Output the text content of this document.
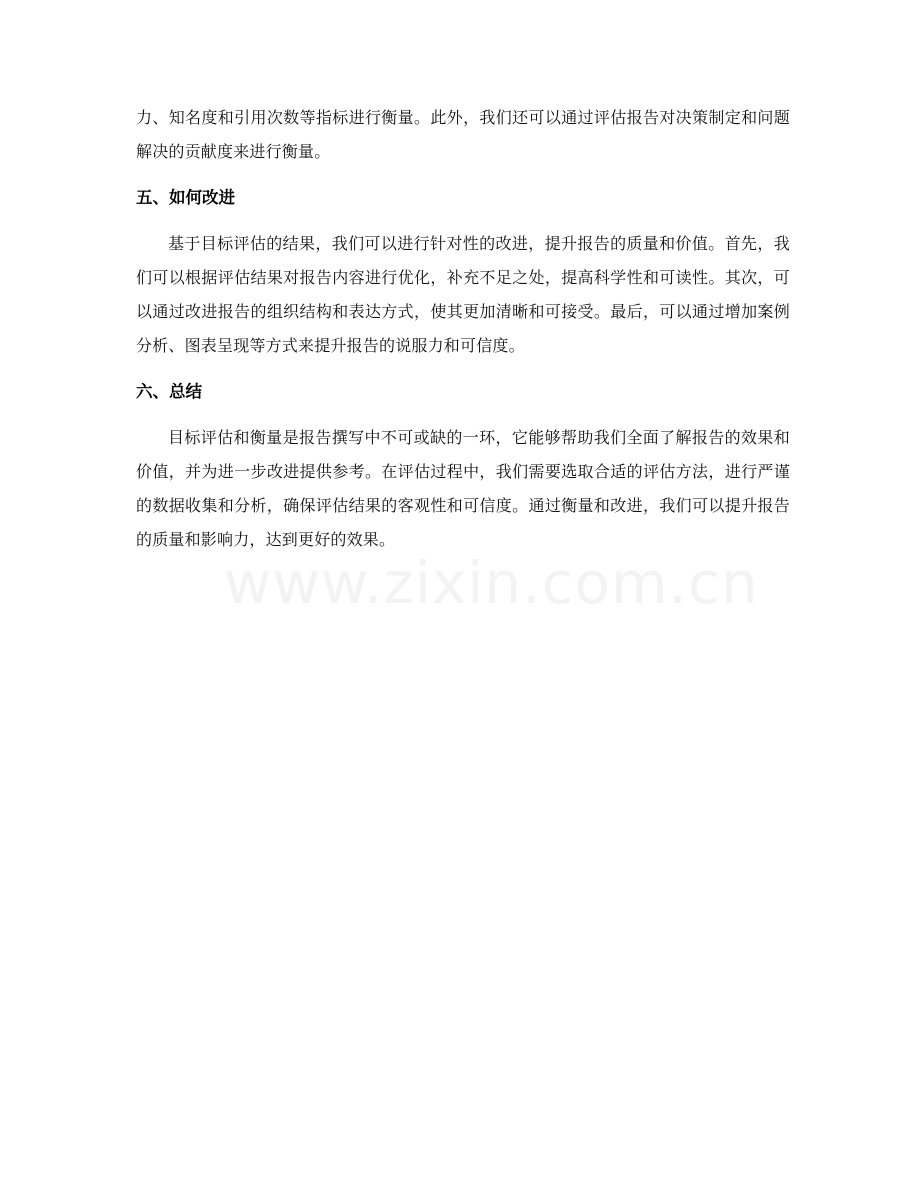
力、知名度和引用次数等指标进行衡量。此外，我们还可以通过评估报告对决策制定和问题解决的贡献度来进行衡量。

五、如何改进

基于目标评估的结果，我们可以进行针对性的改进，提升报告的质量和价值。首先，我们可以根据评估结果对报告内容进行优化，补充不足之处，提高科学性和可读性。其次，可以通过改进报告的组织结构和表达方式，使其更加清晰和可接受。最后，可以通过增加案例分析、图表呈现等方式来提升报告的说服力和可信度。

六、总结

目标评估和衡量是报告撰写中不可或缺的一环，它能够帮助我们全面了解报告的效果和价值，并为进一步改进提供参考。在评估过程中，我们需要选取合适的评估方法，进行严谨的数据收集和分析，确保评估结果的客观性和可信度。通过衡量和改进，我们可以提升报告的质量和影响力，达到更好的效果。

www.zixin.com.cn
